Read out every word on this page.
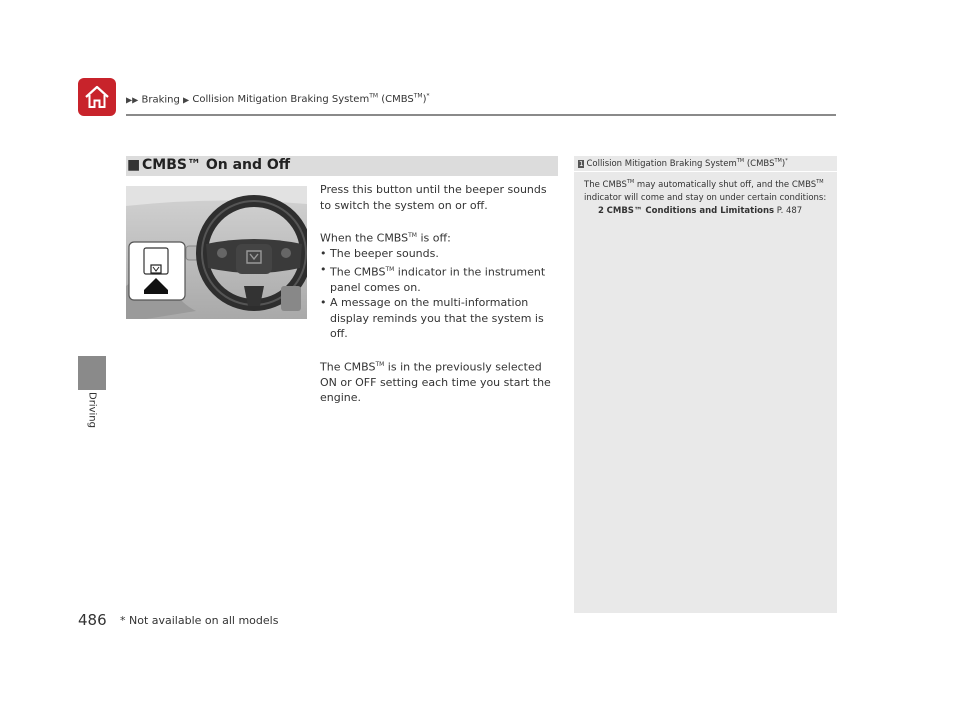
▶▶ Braking ▶ Collision Mitigation Braking System™ (CMBS™)*
Driving
■ CMBS™ On and Off

Press this button until the beeper sounds to switch the system on or off.

When the CMBS™ is off:

• The beeper sounds.
• The CMBS™ indicator in the instrument panel comes on.
• A message on the multi-information display reminds you that the system is off.

The CMBS™ is in the previously selected ON or OFF setting each time you start the engine.

1 Collision Mitigation Braking System™ (CMBS™)*

The CMBS™ may automatically shut off, and the CMBS™ indicator will come and stay on under certain conditions:

2 CMBS™ Conditions and Limitations P. 487

486 * Not available on all models
